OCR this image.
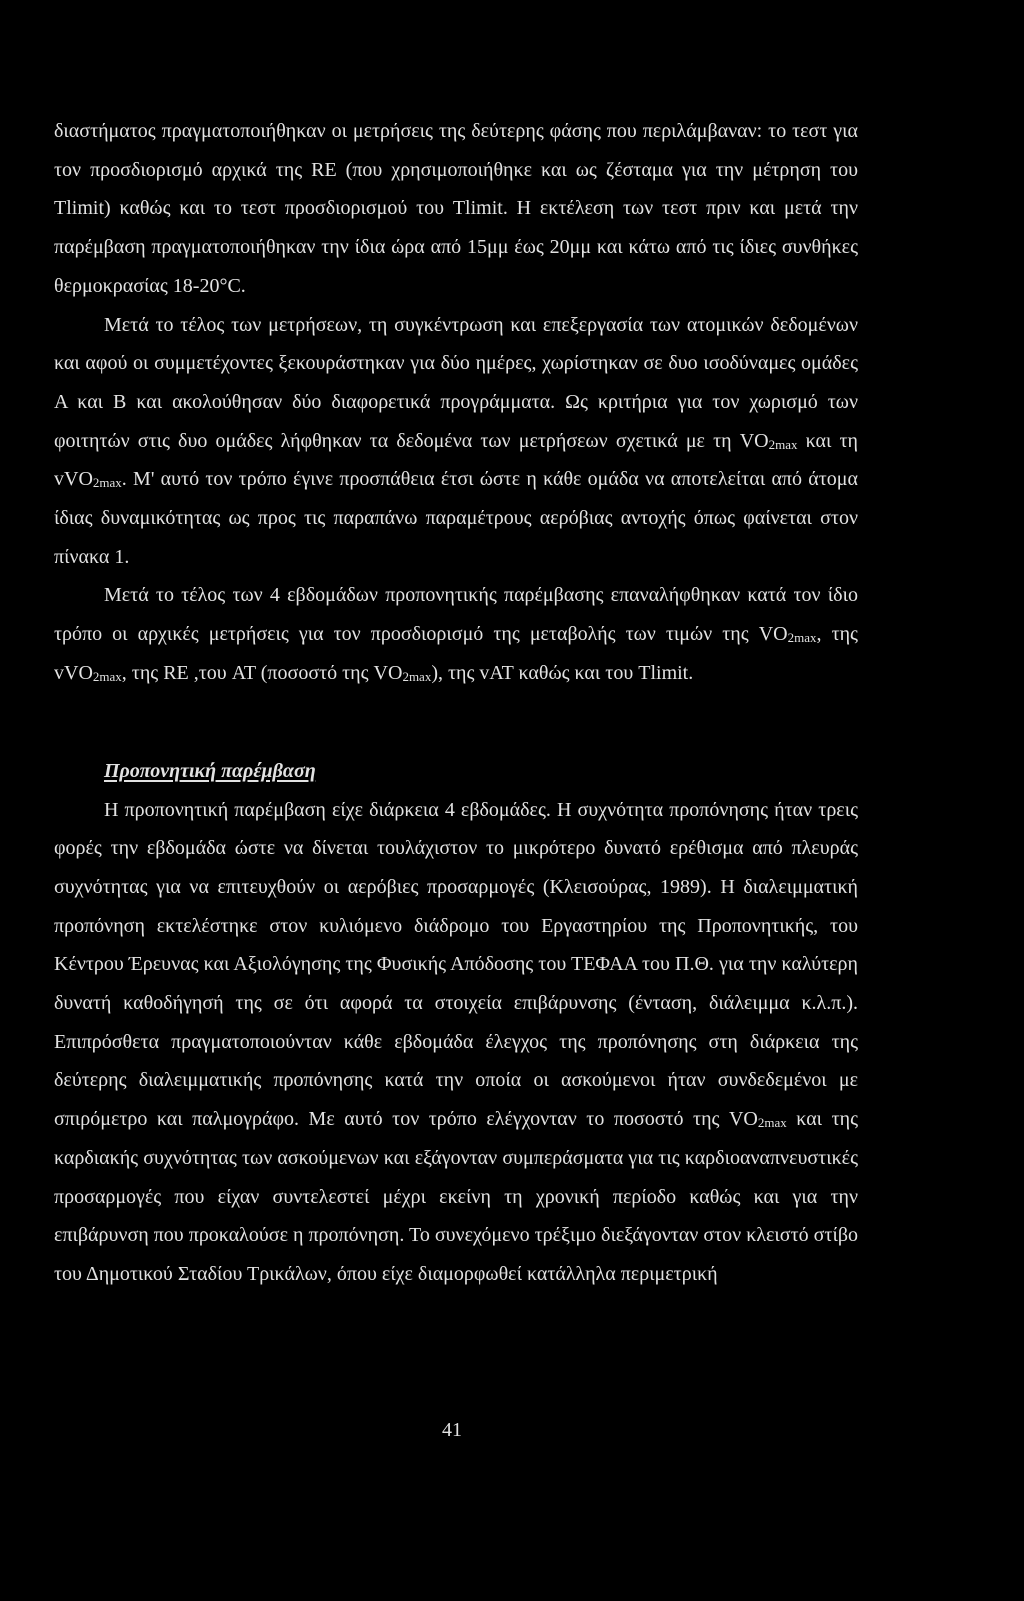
διαστήματος πραγματοποιήθηκαν οι μετρήσεις της δεύτερης φάσης που περιλάμβαναν: το τεστ για τον προσδιορισμό αρχικά της RE (που χρησιμοποιήθηκε και ως ζέσταμα για την μέτρηση του Tlimit) καθώς και το τεστ προσδιορισμού του Tlimit. Η εκτέλεση των τεστ πριν και μετά την παρέμβαση πραγματοποιήθηκαν την ίδια ώρα από 15μμ έως 20μμ και κάτω από τις ίδιες συνθήκες θερμοκρασίας 18-20°C.

Μετά το τέλος των μετρήσεων, τη συγκέντρωση και επεξεργασία των ατομικών δεδομένων και αφού οι συμμετέχοντες ξεκουράστηκαν για δύο ημέρες, χωρίστηκαν σε δυο ισοδύναμες ομάδες Α και Β και ακολούθησαν δύο διαφορετικά προγράμματα. Ως κριτήρια για τον χωρισμό των φοιτητών στις δυο ομάδες λήφθηκαν τα δεδομένα των μετρήσεων σχετικά με τη $VO_{2max}$ και τη vVO$_{2max}$. Μ' αυτό τον τρόπο έγινε προσπάθεια έτσι ώστε η κάθε ομάδα να αποτελείται από άτομα ίδιας δυναμικότητας ως προς τις παραπάνω παραμέτρους αερόβιας αντοχής όπως φαίνεται στον πίνακα 1.

Μετά το τέλος των 4 εβδομάδων προπονητικής παρέμβασης επαναλήφθηκαν κατά τον ίδιο τρόπο οι αρχικές μετρήσεις για τον προσδιορισμό της μεταβολής των τιμών της $VO_{2max}$, της vVO$_{2max}$, της RE ,του AT (ποσοστό της $VO_{2max}$), της vAT καθώς και του Tlimit.

Προπονητική παρέμβαση

Η προπονητική παρέμβαση είχε διάρκεια 4 εβδομάδες. Η συχνότητα προπόνησης ήταν τρεις φορές την εβδομάδα ώστε να δίνεται τουλάχιστον το μικρότερο δυνατό ερέθισμα από πλευράς συχνότητας για να επιτευχθούν οι αερόβιες προσαρμογές (Κλεισούρας, 1989). Η διαλειμματική προπόνηση εκτελέστηκε στον κυλιόμενο διάδρομο του Εργαστηρίου της Προπονητικής, του Κέντρου Έρευνας και Αξιολόγησης της Φυσικής Απόδοσης του ΤΕΦΑΑ του Π.Θ. για την καλύτερη δυνατή καθοδήγησή της σε ότι αφορά τα στοιχεία επιβάρυνσης (ένταση, διάλειμμα κ.λ.π.). Επιπρόσθετα πραγματοποιούνταν κάθε εβδομάδα έλεγχος της προπόνησης στη διάρκεια της δεύτερης διαλειμματικής προπόνησης κατά την οποία οι ασκούμενοι ήταν συνδεδεμένοι με σπιρόμετρο και παλμογράφο. Με αυτό τον τρόπο ελέγχονταν το ποσοστό της $VO_{2max}$ και της καρδιακής συχνότητας των ασκούμενων και εξάγονταν συμπεράσματα για τις καρδιοαναπνευστικές προσαρμογές που είχαν συντελεστεί μέχρι εκείνη τη χρονική περίοδο καθώς και για την επιβάρυνση που προκαλούσε η προπόνηση. Το συνεχόμενο τρέξιμο διεξάγονταν στον κλειστό στίβο του Δημοτικού Σταδίου Τρικάλων, όπου είχε διαμορφωθεί κατάλληλα περιμετρική

41
